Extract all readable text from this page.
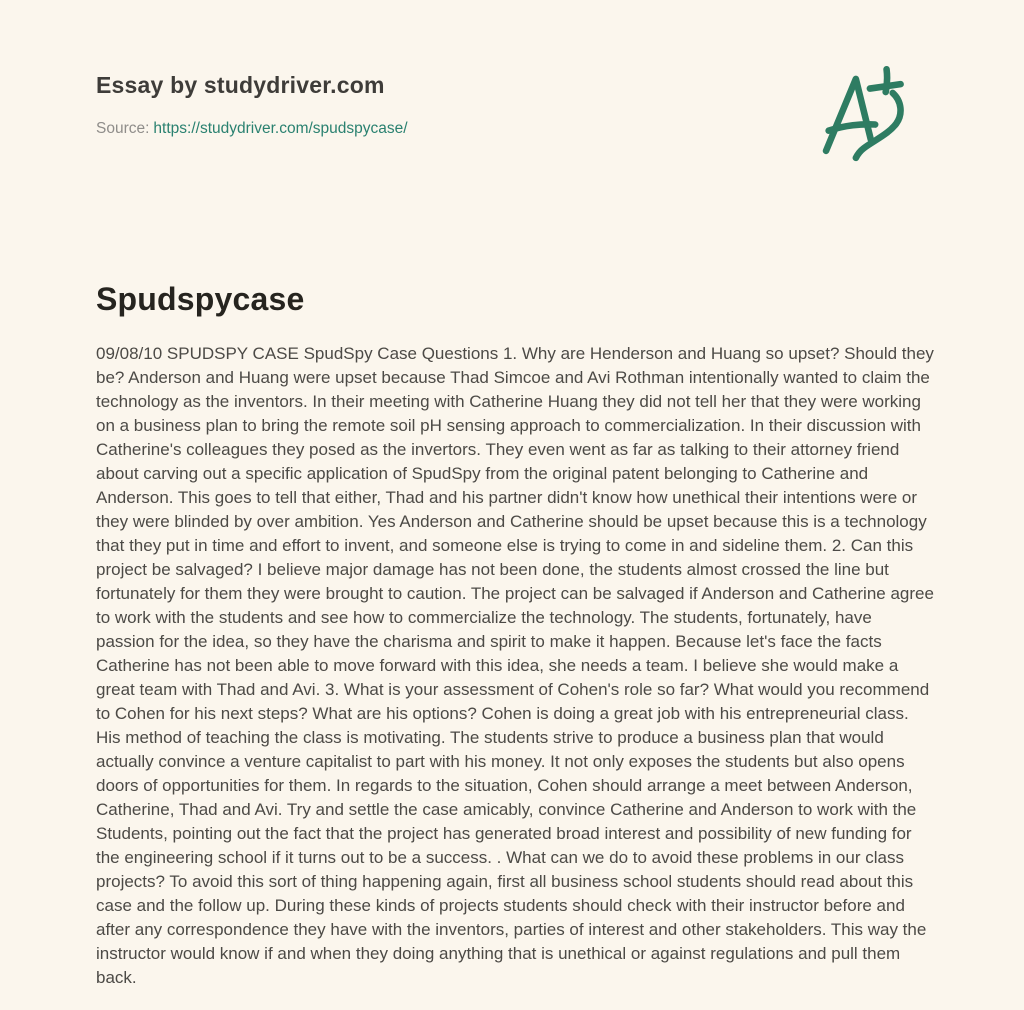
Essay by studydriver.com
Source: https://studydriver.com/spudspycase/
Spudspycase

09/08/10 SPUDSPY CASE SpudSpy Case Questions 1. Why are Henderson and Huang so upset? Should they be? Anderson and Huang were upset because Thad Simcoe and Avi Rothman intentionally wanted to claim the technology as the inventors. In their meeting with Catherine Huang they did not tell her that they were working on a business plan to bring the remote soil pH sensing approach to commercialization. In their discussion with Catherine's colleagues they posed as the invertors. They even went as far as talking to their attorney friend about carving out a specific application of SpudSpy from the original patent belonging to Catherine and Anderson. This goes to tell that either, Thad and his partner didn't know how unethical their intentions were or they were blinded by over ambition. Yes Anderson and Catherine should be upset because this is a technology that they put in time and effort to invent, and someone else is trying to come in and sideline them. 2. Can this project be salvaged? I believe major damage has not been done, the students almost crossed the line but fortunately for them they were brought to caution. The project can be salvaged if Anderson and Catherine agree to work with the students and see how to commercialize the technology. The students, fortunately, have passion for the idea, so they have the charisma and spirit to make it happen. Because let's face the facts Catherine has not been able to move forward with this idea, she needs a team. I believe she would make a great team with Thad and Avi. 3. What is your assessment of Cohen's role so far? What would you recommend to Cohen for his next steps? What are his options? Cohen is doing a great job with his entrepreneurial class. His method of teaching the class is motivating. The students strive to produce a business plan that would actually convince a venture capitalist to part with his money. It not only exposes the students but also opens doors of opportunities for them. In regards to the situation, Cohen should arrange a meet between Anderson, Catherine, Thad and Avi. Try and settle the case amicably, convince Catherine and Anderson to work with the Students, pointing out the fact that the project has generated broad interest and possibility of new funding for the engineering school if it turns out to be a success. . What can we do to avoid these problems in our class projects? To avoid this sort of thing happening again, first all business school students should read about this case and the follow up. During these kinds of projects students should check with their instructor before and after any correspondence they have with the inventors, parties of interest and other stakeholders. This way the instructor would know if and when they doing anything that is unethical or against regulations and pull them back.
